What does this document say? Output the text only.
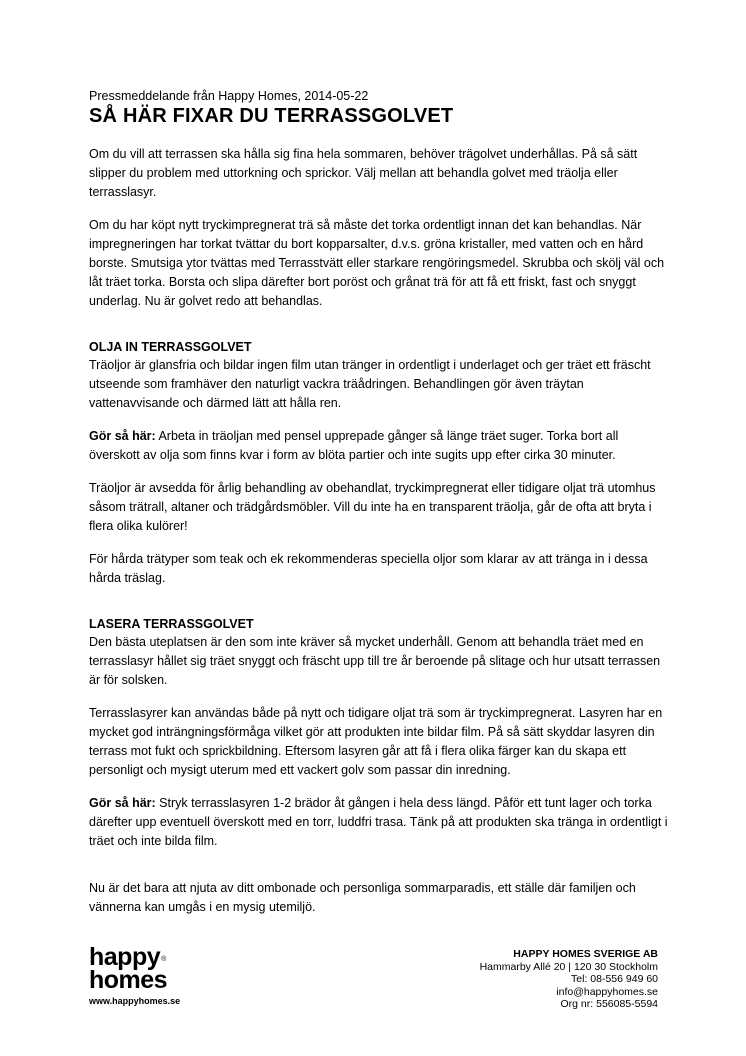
Pressmeddelande från Happy Homes, 2014-05-22

SÅ HÄR FIXAR DU TERRASSGOLVET

Om du vill att terrassen ska hålla sig fina hela sommaren, behöver trägolvet underhållas. På så sätt slipper du problem med uttorkning och sprickor. Välj mellan att behandla golvet med träolja eller terrasslasyr.

Om du har köpt nytt tryckimpregnerat trä så måste det torka ordentligt innan det kan behandlas. När impregneringen har torkat tvättar du bort kopparsalter, d.v.s. gröna kristaller, med vatten och en hård borste. Smutsiga ytor tvättas med Terrasstvätt eller starkare rengöringsmedel. Skrubba och skölj väl och låt träet torka. Borsta och slipa därefter bort poröst och grånat trä för att få ett friskt, fast och snyggt underlag. Nu är golvet redo att behandlas.

OLJA IN TERRASSGOLVET

Träoljor är glansfria och bildar ingen film utan tränger in ordentligt i underlaget och ger träet ett fräscht utseende som framhäver den naturligt vackra träådringen. Behandlingen gör även träytan vattenavvisande och därmed lätt att hålla ren.

Gör så här: Arbeta in träoljan med pensel upprepade gånger så länge träet suger. Torka bort all överskott av olja som finns kvar i form av blöta partier och inte sugits upp efter cirka 30 minuter.

Träoljor är avsedda för årlig behandling av obehandlat, tryckimpregnerat eller tidigare oljat trä utomhus såsom trätrall, altaner och trädgårdsmöbler. Vill du inte ha en transparent träolja, går de ofta att bryta i flera olika kulörer!

För hårda trätyper som teak och ek rekommenderas speciella oljor som klarar av att tränga in i dessa hårda träslag.

LASERA TERRASSGOLVET

Den bästa uteplatsen är den som inte kräver så mycket underhåll. Genom att behandla träet med en terrasslasyr hållet sig träet snyggt och fräscht upp till tre år beroende på slitage och hur utsatt terrassen är för solsken.

Terrasslasyrer kan användas både på nytt och tidigare oljat trä som är tryckimpregnerat. Lasyren har en mycket god inträngningsförmåga vilket gör att produkten inte bildar film. På så sätt skyddar lasyren din terrass mot fukt och sprickbildning. Eftersom lasyren går att få i flera olika färger kan du skapa ett personligt och mysigt uterum med ett vackert golv som passar din inredning.

Gör så här: Stryk terrasslasyren 1-2 brädor åt gången i hela dess längd. Påför ett tunt lager och torka därefter upp eventuell överskott med en torr, luddfri trasa. Tänk på att produkten ska tränga in ordentligt i träet och inte bilda film.

Nu är det bara att njuta av ditt ombonade och personliga sommarparadis, ett ställe där familjen och vännerna kan umgås i en mysig utemiljö.

happy®
homes
www.happyhomes.se
HAPPY HOMES SVERIGE AB
Hammarby Allé 20 | 120 30 Stockholm
Tel: 08-556 949 60
info@happyhomes.se
Org nr: 556085-5594
